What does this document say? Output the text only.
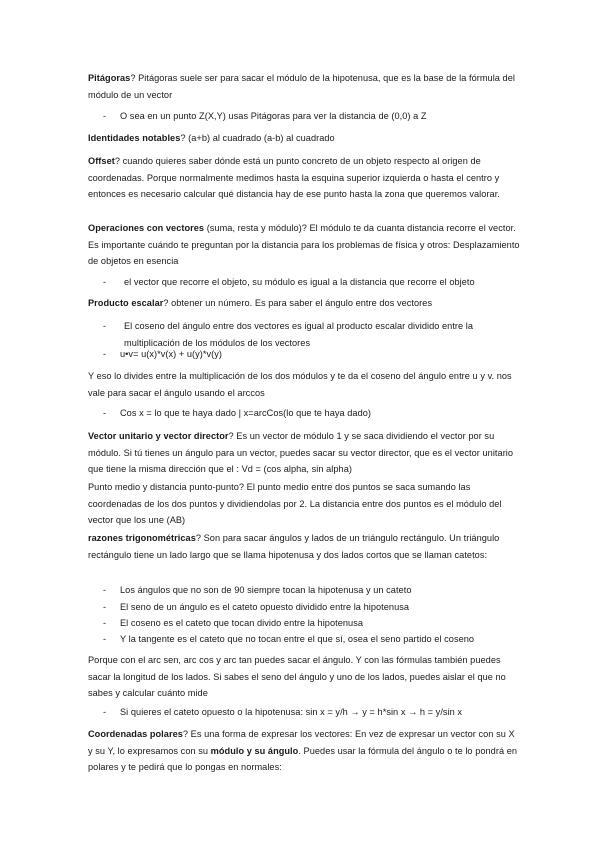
Pitágoras? Pitágoras suele ser para sacar el módulo de la hipotenusa, que es la base de la fórmula del módulo de un vector
-	O sea en un punto Z(X,Y) usas Pitágoras para ver la distancia de (0,0) a Z
Identidades notables? (a+b) al cuadrado (a-b) al cuadrado
Offset? cuando quieres saber dónde está un punto concreto de un objeto respecto al origen de coordenadas. Porque normalmente medimos hasta la esquina superior izquierda o hasta el centro y entonces es necesario calcular qué distancia hay de ese punto hasta la zona que queremos valorar.
Operaciones con vectores (suma, resta y módulo)? El módulo te da cuanta distancia recorre el vector. Es importante cuándo te preguntan por la distancia para los problemas de física y otros: Desplazamiento de objetos en esencia
-	el vector que recorre el objeto, su módulo es igual a la distancia que recorre el objeto
Producto escalar? obtener un número. Es para saber el ángulo entre dos vectores
-	El coseno del ángulo entre dos vectores es igual al producto escalar dividido entre la multiplicación de los módulos de los vectores
-	u•v= u(x)*v(x) + u(y)*v(y)
Y eso lo divides entre la multiplicación de los dos módulos y te da el coseno del ángulo entre u y v. nos vale para sacar el ángulo usando el arccos
-	Cos x = lo que te haya dado | x=arcCos(lo que te haya dado)
Vector unitario y vector director? Es un vector de módulo 1 y se saca dividiendo el vector por su módulo. Si tú tienes un ángulo para un vector, puedes sacar su vector director, que es el vector unitario que tiene la misma dirección que el : Vd = (cos alpha, sin alpha)
Punto medio y distancia punto-punto? El punto medio entre dos puntos se saca sumando las coordenadas de los dos puntos y dividiendolas por 2. La distancia entre dos puntos es el módulo del vector que los une (AB)
razones trigonométricas? Son para sacar ángulos y lados de un triángulo rectángulo. Un triángulo rectángulo tiene un lado largo que se llama hipotenusa y dos lados cortos que se llaman catetos:
-	Los ángulos que no son de 90 siempre tocan la hipotenusa y un cateto
-	El seno de un ángulo es el cateto opuesto dividido entre la hipotenusa
-	El coseno es el cateto que tocan divido entre la hipotenusa
-	Y la tangente es el cateto que no tocan entre el que sí, osea el seno partido el coseno
Porque con el arc sen, arc cos y arc tan puedes sacar el ángulo. Y con las fórmulas también puedes sacar la longitud de los lados. Si sabes el seno del ángulo y uno de los lados, puedes aislar el que no sabes y calcular cuánto mide
-	Si quieres el cateto opuesto o la hipotenusa: sin x = y/h → y = h*sin x → h = y/sin x
Coordenadas polares? Es una forma de expresar los vectores: En vez de expresar un vector con su X y su Y, lo expresamos con su módulo y su ángulo. Puedes usar la fórmula del ángulo o te lo pondrá en polares y te pedirá que lo pongas en normales:
